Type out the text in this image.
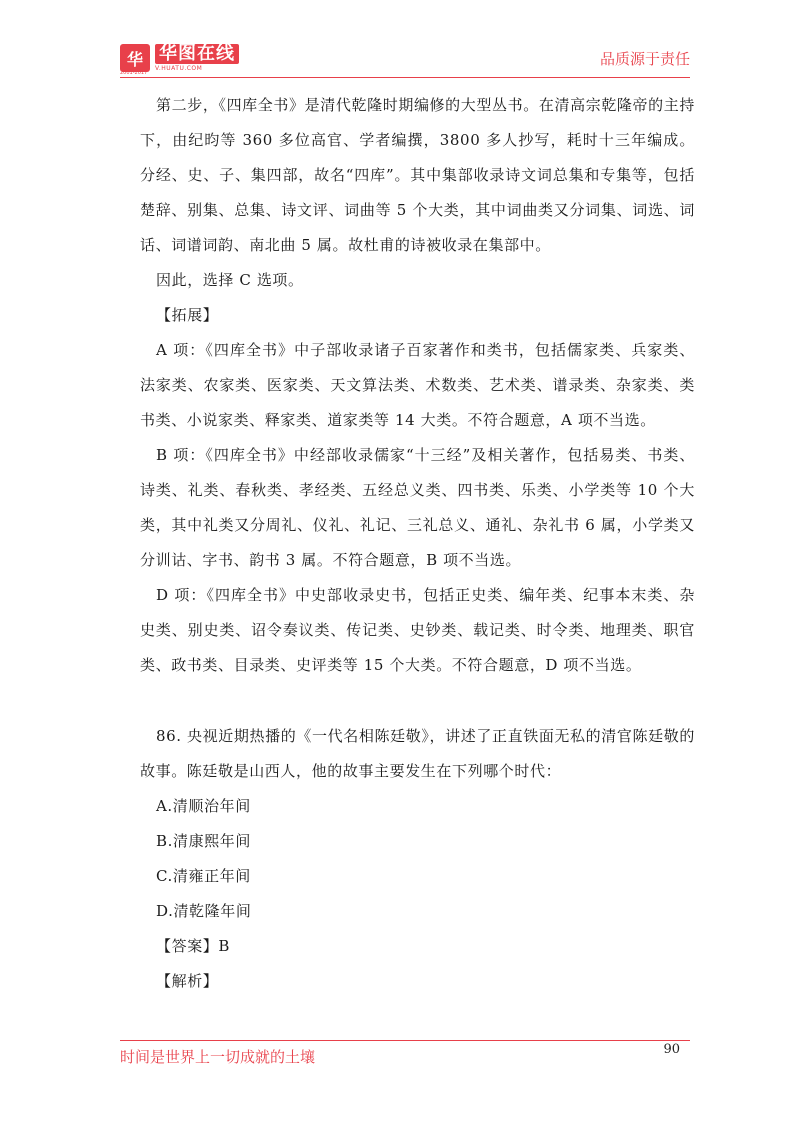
华 华图在线
V.HUATU.COM
2001-2017
品质源于责任

第二步，《四库全书》是清代乾隆时期编修的大型丛书。在清高宗乾隆帝的主持下，由纪昀等 360 多位高官、学者编撰，3800 多人抄写，耗时十三年编成。分经、史、子、集四部，故名“四库”。其中集部收录诗文词总集和专集等，包括楚辞、别集、总集、诗文评、词曲等 5 个大类，其中词曲类又分词集、词选、词话、词谱词韵、南北曲 5 属。故杜甫的诗被收录在集部中。

因此，选择 C 选项。

【拓展】

A 项：《四库全书》中子部收录诸子百家著作和类书，包括儒家类、兵家类、法家类、农家类、医家类、天文算法类、术数类、艺术类、谱录类、杂家类、类书类、小说家类、释家类、道家类等 14 大类。不符合题意，A 项不当选。

B 项：《四库全书》中经部收录儒家“十三经”及相关著作，包括易类、书类、诗类、礼类、春秋类、孝经类、五经总义类、四书类、乐类、小学类等 10 个大类，其中礼类又分周礼、仪礼、礼记、三礼总义、通礼、杂礼书 6 属，小学类又分训诂、字书、韵书 3 属。不符合题意，B 项不当选。

D 项：《四库全书》中史部收录史书，包括正史类、编年类、纪事本末类、杂史类、别史类、诏令奏议类、传记类、史钞类、载记类、时令类、地理类、职官类、政书类、目录类、史评类等 15 个大类。不符合题意，D 项不当选。

86. 央视近期热播的《一代名相陈廷敬》，讲述了正直铁面无私的清官陈廷敬的故事。陈廷敬是山西人，他的故事主要发生在下列哪个时代：

A.清顺治年间

B.清康熙年间

C.清雍正年间

D.清乾隆年间

【答案】B

【解析】

时间是世界上一切成就的土壤	90
